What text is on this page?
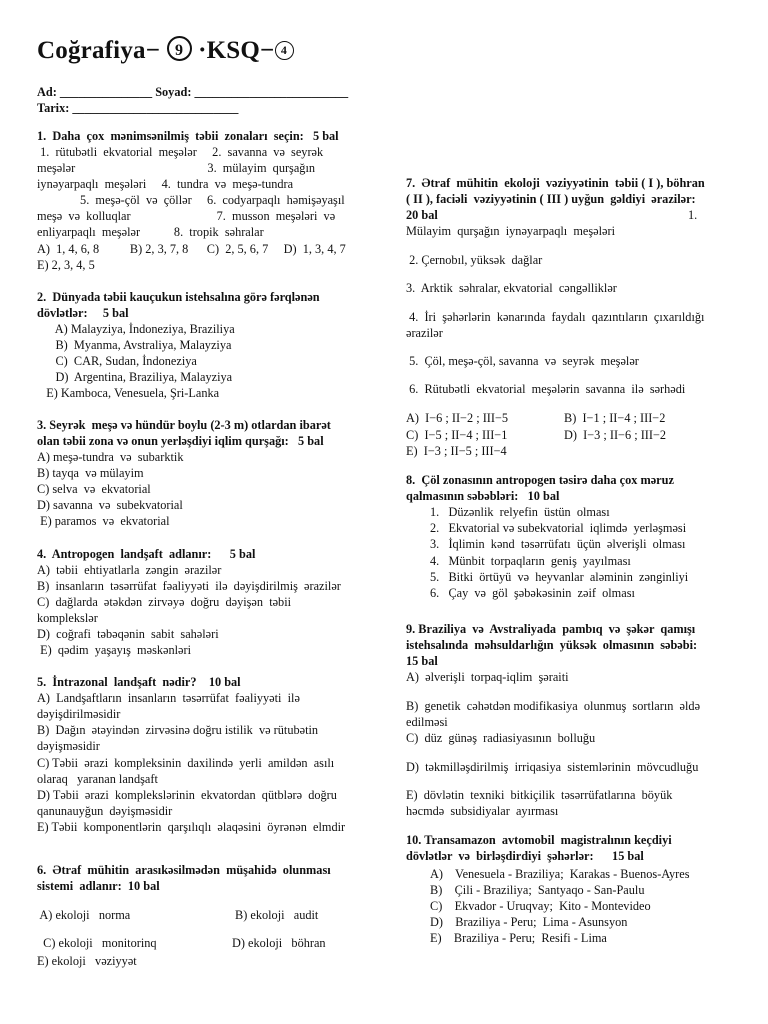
Coğrafiya− 9 ·KSQ− 4
Ad: _______________ Soyad: _________________________
Tarix: ___________________________
1.  Daha  çox  mənimsənilmiş  təbii  zonaları  seçin:   5 bal
1.  rütubətli  ekvatorial  meşələr     2.  savanna  və  seyrək
meşələr                                           3.  mülayim  qurşağın
iynəyarpaqlı  meşələri     4.  tundra  və  meşə-tundra
5.  meşə-çöl  və  çöllər     6.  codyarpaqlı  həmişəyaşıl
meşə  və  kolluqlar                            7.  musson  meşələri  və
enliyarpaqlı  meşələr           8.  tropik  səhralar
A)  1, 4, 6, 8          B) 2, 3, 7, 8      C)  2, 5, 6, 7     D)  1, 3, 4, 7
E) 2, 3, 4, 5
2.  Dünyada təbii kauçukun istehsalına görə fərqlənən
dövlətlər:     5 bal
A) Malayziya, İndoneziya, Braziliya
B)  Myanma, Avstraliya, Malayziya
C)  CAR, Sudan, İndoneziya
D)  Argentina, Braziliya, Malayziya
E) Kamboca, Venesuela, Şri-Lanka
3. Seyrək  meşə və hündür boylu (2-3 m) otlardan ibarət
olan təbii zona və onun yerləşdiyi iqlim qurşağı:   5 bal
A) meşə-tundra  və  subarktik
B) tayqa  və mülayim
C) selva  və  ekvatorial
D) savanna  və  subekvatorial
E) paramos  və  ekvatorial
4.  Antropogen  landşaft  adlanır:      5 bal
A)  təbii  ehtiyatlarla  zəngin  ərazilər
B)  insanların  təsərrüfat  fəaliyyəti  ilə  dəyişdirilmiş  ərazilər
C)  dağlarda  ətəkdən  zirvəyə  doğru  dəyişən  təbii
komplekslər
D)  coğrafi  təbəqənin  sabit  sahələri
E)  qədim  yaşayış  məskənləri
5.  İntrazonal  landşaft  nədir?    10 bal
A)  Landşaftların  insanların  təsərrüfat  fəaliyyəti  ilə
dəyişdirilməsidir
B)  Dağın  ətəyindən  zirvəsinə doğru istilik  və rütubətin
dəyişməsidir
C) Təbii  ərazi  kompleksinin  daxilində  yerli  amildən  asılı
olaraq   yaranan landşaft
D) Təbii  ərazi  komplekslərinin  ekvatordan  qütblərə  doğru
qanunauyğun  dəyişməsidir
E) Təbii  komponentlərin  qarşılıqlı  əlaqəsini  öyrənən  elmdir
6.  Ətraf  mühitin  arasıkəsilmədən  müşahidə  olunması
sistemi  adlanır:  10 bal
A) ekoloji   norma	B) ekoloji   audit
C) ekoloji   monitorinq	D) ekoloji   böhran
E) ekoloji   vəziyyət
7.  Ətraf  mühitin  ekoloji  vəziyyətinin  təbii ( I ), böhran
( II ), faciəli  vəziyyətinin ( III ) uyğun  gəldiyi  ərazilər:
20 bal	1.
Mülayim  qurşağın  iynəyarpaqlı  meşələri
2. Çernobıl, yüksək  dağlar
3.  Arktik  səhralar, ekvatorial  cəngəlliklər
4.  İri  şəhərlərin  kənarında  faydalı  qazıntıların  çıxarıldığı
ərazilər
5.  Çöl, meşə-çöl, savanna  və  seyrək  meşələr
6.  Rütubətli  ekvatorial  meşələrin  savanna  ilə  sərhədi
A)  I−6 ; II−2 ; III−5	B)  I−1 ; II−4 ; III−2
C)  I−5 ; II−4 ; III−1	D)  I−3 ; II−6 ; III−2
E)  I−3 ; II−5 ; III−4
8.  Çöl zonasının antropogen təsirə daha çox məruz
qalmasının səbəbləri:   10 bal
1.   Düzənlik  relyefin  üstün  olması
2.   Ekvatorial və subekvatorial  iqlimdə  yerləşməsi
3.   İqlimin  kənd  təsərrüfatı  üçün  əlverişli  olması
4.   Münbit  torpaqların  geniş  yayılması
5.   Bitki  örtüyü  və  heyvanlar  aləminin  zənginliyi
6.   Çay  və  göl  şəbəkəsinin  zəif  olması
9. Braziliya  və  Avstraliyada  pambıq  və  şəkər  qamışı
istehsalında  məhsuldarlığın  yüksək  olmasının  səbəbi:
15 bal
A)  əlverişli  torpaq-iqlim  şəraiti
B)  genetik  cəhətdən modifikasiya  olunmuş  sortların  əldə
edilməsi
C)  düz  günəş  radiasiyasının  bolluğu
D)  təkmilləşdirilmiş  irriqasiya  sistemlərinin  mövcudluğu
E)  dövlətin  texniki  bitkiçilik  təsərrüfatlarına  böyük
həcmdə  subsidiyalar  ayırması
10. Transamazon  avtomobil  magistralının keçdiyi
dövlətlər  və  birləşdirdiyi  şəhərlər:      15 bal
A)    Venesuela - Braziliya;  Karakas - Buenos-Ayres
B)    Çili - Braziliya;  Santyaqo - San-Paulu
C)    Ekvador - Uruqvay;  Kito - Montevideo
D)    Braziliya - Peru;  Lima - Asunsyon
E)    Braziliya - Peru;  Resifi - Lima
